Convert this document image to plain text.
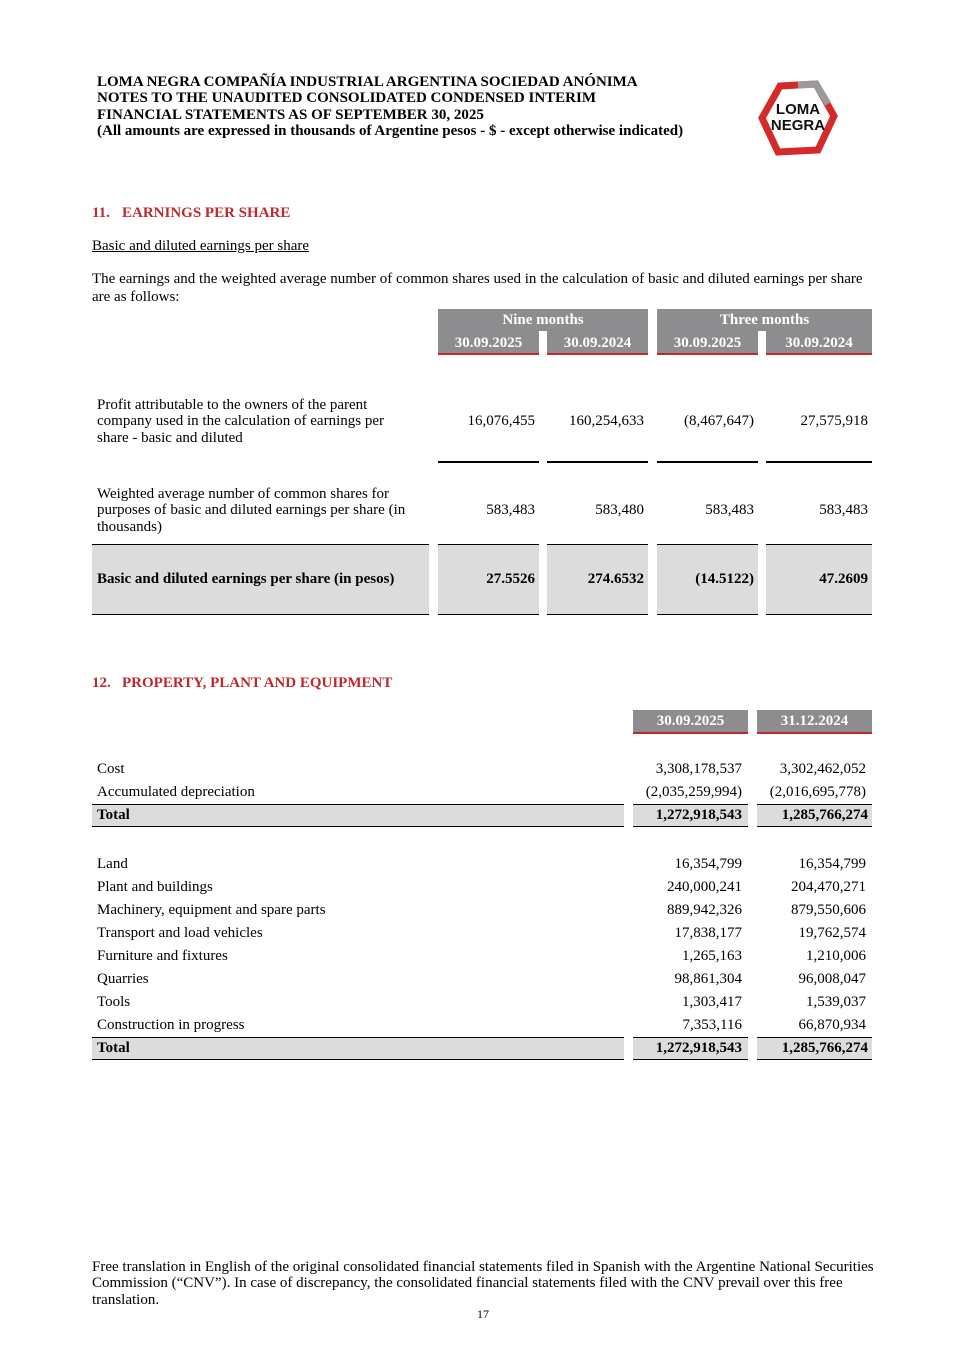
LOMA NEGRA COMPAÑÍA INDUSTRIAL ARGENTINA SOCIEDAD ANÓNIMA
NOTES TO THE UNAUDITED CONSOLIDATED CONDENSED INTERIM
FINANCIAL STATEMENTS AS OF SEPTEMBER 30, 2025
(All amounts are expressed in thousands of Argentine pesos - $ - except otherwise indicated)
LOMA
NEGRA
11. EARNINGS PER SHARE
Basic and diluted earnings per share
The earnings and the weighted average number of common shares used in the calculation of basic and diluted earnings per share are as follows:
Nine months	Three months
30.09.2025	30.09.2024	30.09.2025	30.09.2024
Profit attributable to the owners of the parent company used in the calculation of earnings per share - basic and diluted
16,076,455	160,254,633	(8,467,647)	27,575,918
Weighted average number of common shares for purposes of basic and diluted earnings per share (in thousands)
583,483	583,480	583,483	583,483
Basic and diluted earnings per share (in pesos)	27.5526	274.6532	(14.5122)	47.2609
12. PROPERTY, PLANT AND EQUIPMENT
30.09.2025	31.12.2024
Cost	3,308,178,537	3,302,462,052
Accumulated depreciation	(2,035,259,994)	(2,016,695,778)
Total	1,272,918,543	1,285,766,274
Land	16,354,799	16,354,799
Plant and buildings	240,000,241	204,470,271
Machinery, equipment and spare parts	889,942,326	879,550,606
Transport and load vehicles	17,838,177	19,762,574
Furniture and fixtures	1,265,163	1,210,006
Quarries	98,861,304	96,008,047
Tools	1,303,417	1,539,037
Construction in progress	7,353,116	66,870,934
Total	1,272,918,543	1,285,766,274
Free translation in English of the original consolidated financial statements filed in Spanish with the Argentine National Securities Commission (“CNV”). In case of discrepancy, the consolidated financial statements filed with the CNV prevail over this free translation.
17
